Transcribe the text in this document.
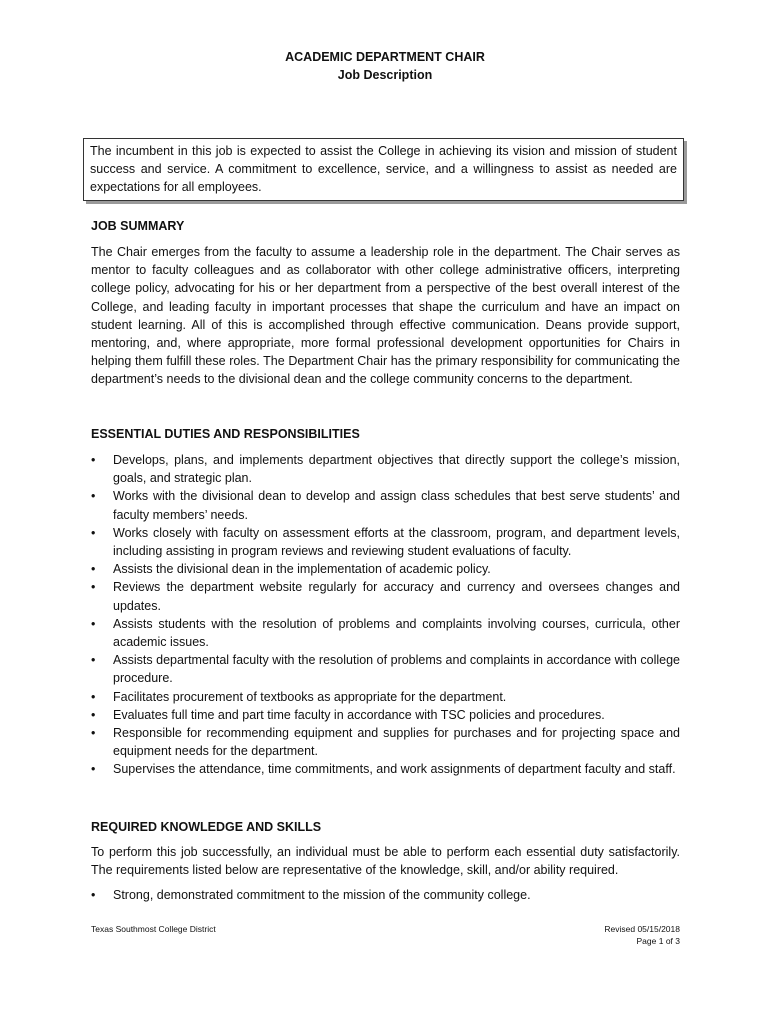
ACADEMIC DEPARTMENT CHAIR
Job Description
The incumbent in this job is expected to assist the College in achieving its vision and mission of student success and service. A commitment to excellence, service, and a willingness to assist as needed are expectations for all employees.
JOB SUMMARY
The Chair emerges from the faculty to assume a leadership role in the department. The Chair serves as mentor to faculty colleagues and as collaborator with other college administrative officers, interpreting college policy, advocating for his or her department from a perspective of the best overall interest of the College, and leading faculty in important processes that shape the curriculum and have an impact on student learning. All of this is accomplished through effective communication. Deans provide support, mentoring, and, where appropriate, more formal professional development opportunities for Chairs in helping them fulfill these roles. The Department Chair has the primary responsibility for communicating the department’s needs to the divisional dean and the college community concerns to the department.
ESSENTIAL DUTIES AND RESPONSIBILITIES
• Develops, plans, and implements department objectives that directly support the college’s mission, goals, and strategic plan.
• Works with the divisional dean to develop and assign class schedules that best serve students’ and faculty members’ needs.
• Works closely with faculty on assessment efforts at the classroom, program, and department levels, including assisting in program reviews and reviewing student evaluations of faculty.
• Assists the divisional dean in the implementation of academic policy.
• Reviews the department website regularly for accuracy and currency and oversees changes and updates.
• Assists students with the resolution of problems and complaints involving courses, curricula, other academic issues.
• Assists departmental faculty with the resolution of problems and complaints in accordance with college procedure.
• Facilitates procurement of textbooks as appropriate for the department.
• Evaluates full time and part time faculty in accordance with TSC policies and procedures.
• Responsible for recommending equipment and supplies for purchases and for projecting space and equipment needs for the department.
• Supervises the attendance, time commitments, and work assignments of department faculty and staff.
REQUIRED KNOWLEDGE AND SKILLS
To perform this job successfully, an individual must be able to perform each essential duty satisfactorily. The requirements listed below are representative of the knowledge, skill, and/or ability required.
• Strong, demonstrated commitment to the mission of the community college.
Texas Southmost College District	Revised 05/15/2018
Page 1 of 3
